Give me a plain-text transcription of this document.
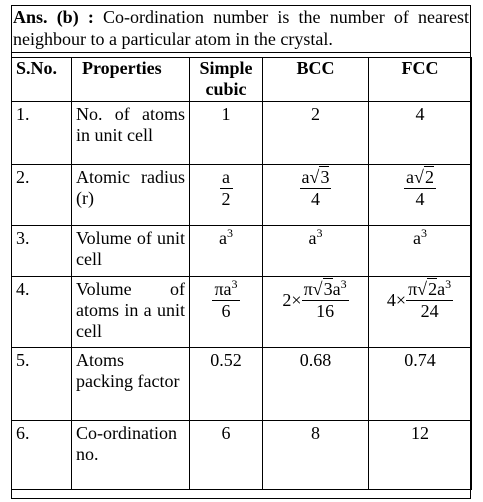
Ans. (b) : Co-ordination number is the number of nearest neighbour to a particular atom in the crystal.
S.No.	Properties	Simple cubic	BCC	FCC
1.	No. of atoms in unit cell	1	2	4
2.	Atomic radius (r)	$\frac{a}{2}$	$\frac{a√3}{4}$	$\frac{a√2}{4}$

3.	Volume of unit cell	$a^3$	$a^3$	$a^3$
4.	Volume of atoms in a unit cell	$\frac{\pi a^3}{6}$	$2\times \frac{\pi√3a^3}{16}$	$4\times \frac{\pi√2a^3}{24}$

5.	Atoms packing factor	0.52	0.68	0.74
6.	Co-ordination no.	6	8	12
